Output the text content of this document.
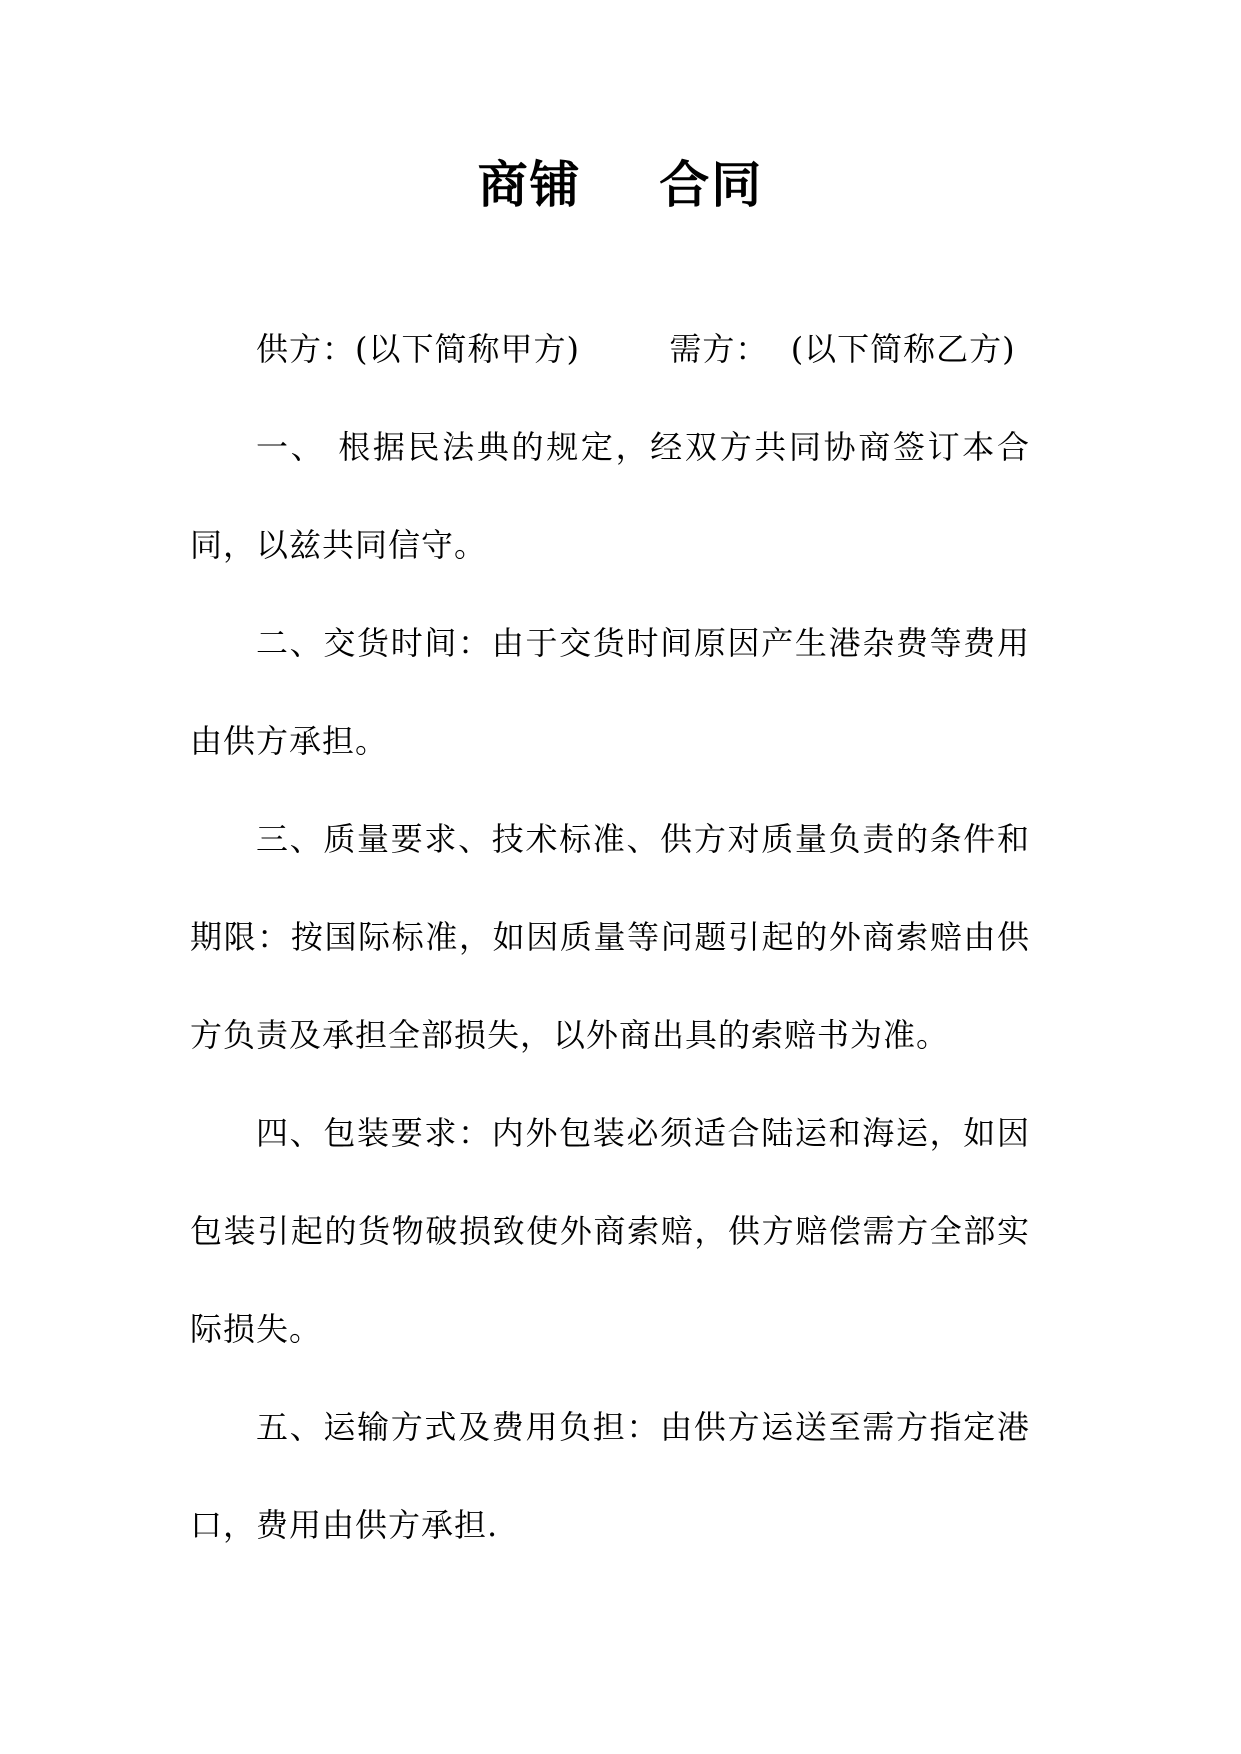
商铺    合同

供方：(以下简称甲方)        需方：  (以下简称乙方)

一、 根据民法典的规定，经双方共同协商签订本合同，以兹共同信守。

二、交货时间：由于交货时间原因产生港杂费等费用由供方承担。

三、质量要求、技术标准、供方对质量负责的条件和期限：按国际标准，如因质量等问题引起的外商索赔由供方负责及承担全部损失，以外商出具的索赔书为准。

四、包装要求：内外包装必须适合陆运和海运，如因包装引起的货物破损致使外商索赔，供方赔偿需方全部实际损失。

五、运输方式及费用负担：由供方运送至需方指定港口，费用由供方承担.
